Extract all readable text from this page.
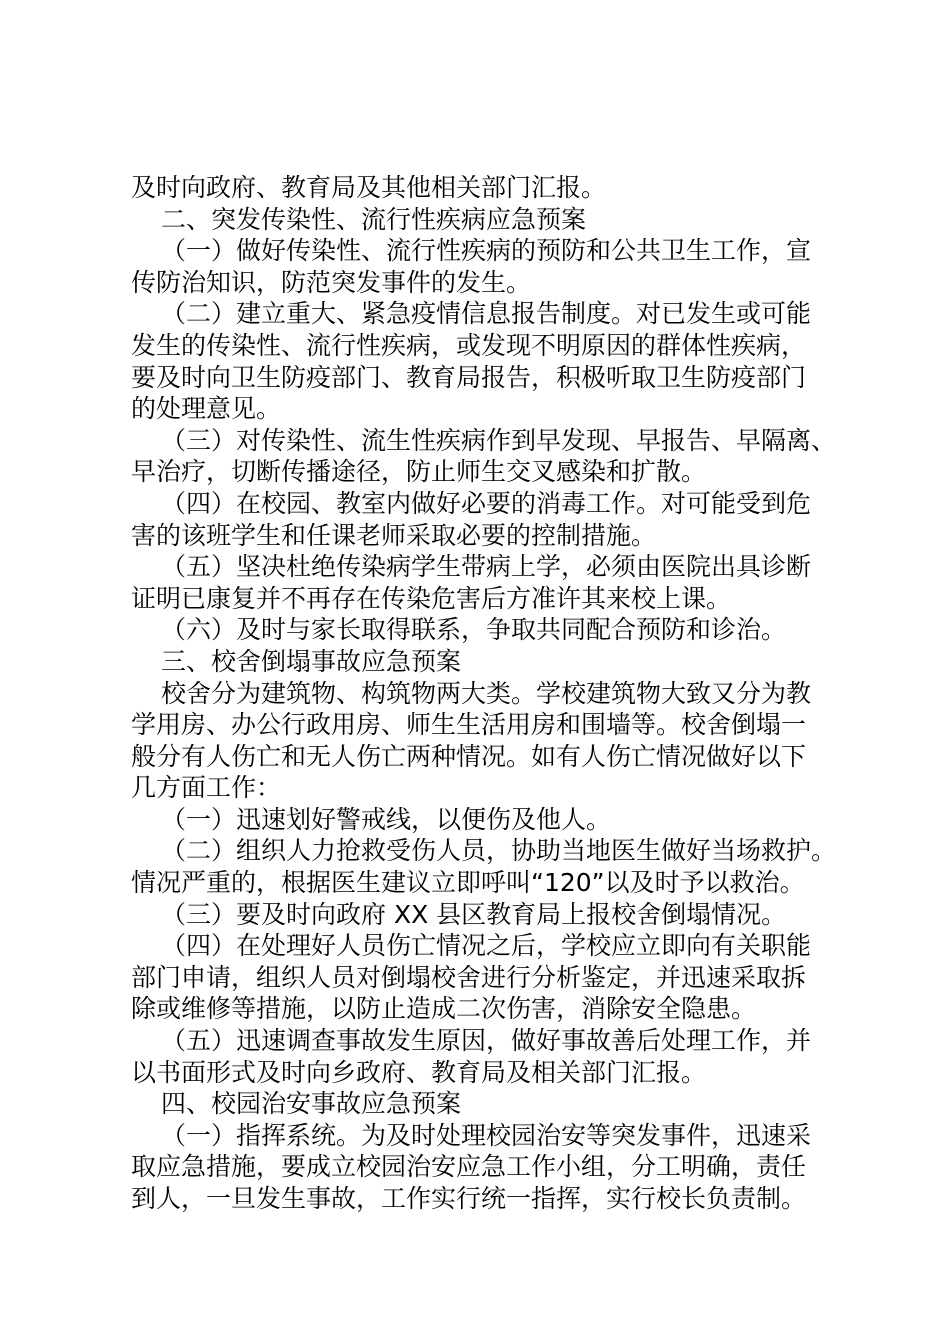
及时向政府、教育局及其他相关部门汇报。
二、突发传染性、流行性疾病应急预案
（一）做好传染性、流行性疾病的预防和公共卫生工作，宣
传防治知识，防范突发事件的发生。
（二）建立重大、紧急疫情信息报告制度。对已发生或可能
发生的传染性、流行性疾病，或发现不明原因的群体性疾病，
要及时向卫生防疫部门、教育局报告，积极听取卫生防疫部门
的处理意见。
（三）对传染性、流生性疾病作到早发现、早报告、早隔离、
早治疗，切断传播途径，防止师生交叉感染和扩散。
（四）在校园、教室内做好必要的消毒工作。对可能受到危
害的该班学生和任课老师采取必要的控制措施。
（五）坚决杜绝传染病学生带病上学，必须由医院出具诊断
证明已康复并不再存在传染危害后方准许其来校上课。
（六）及时与家长取得联系，争取共同配合预防和诊治。
三、校舍倒塌事故应急预案
校舍分为建筑物、构筑物两大类。学校建筑物大致又分为教
学用房、办公行政用房、师生生活用房和围墙等。校舍倒塌一
般分有人伤亡和无人伤亡两种情况。如有人伤亡情况做好以下
几方面工作：
（一）迅速划好警戒线，以便伤及他人。
（二）组织人力抢救受伤人员，协助当地医生做好当场救护。
情况严重的，根据医生建议立即呼叫“120”以及时予以救治。
（三）要及时向政府 XX 县区教育局上报校舍倒塌情况。
（四）在处理好人员伤亡情况之后，学校应立即向有关职能
部门申请，组织人员对倒塌校舍进行分析鉴定，并迅速采取拆
除或维修等措施，以防止造成二次伤害，消除安全隐患。
（五）迅速调查事故发生原因，做好事故善后处理工作，并
以书面形式及时向乡政府、教育局及相关部门汇报。
四、校园治安事故应急预案
（一）指挥系统。为及时处理校园治安等突发事件，迅速采
取应急措施，要成立校园治安应急工作小组，分工明确，责任
到人，一旦发生事故，工作实行统一指挥，实行校长负责制。
